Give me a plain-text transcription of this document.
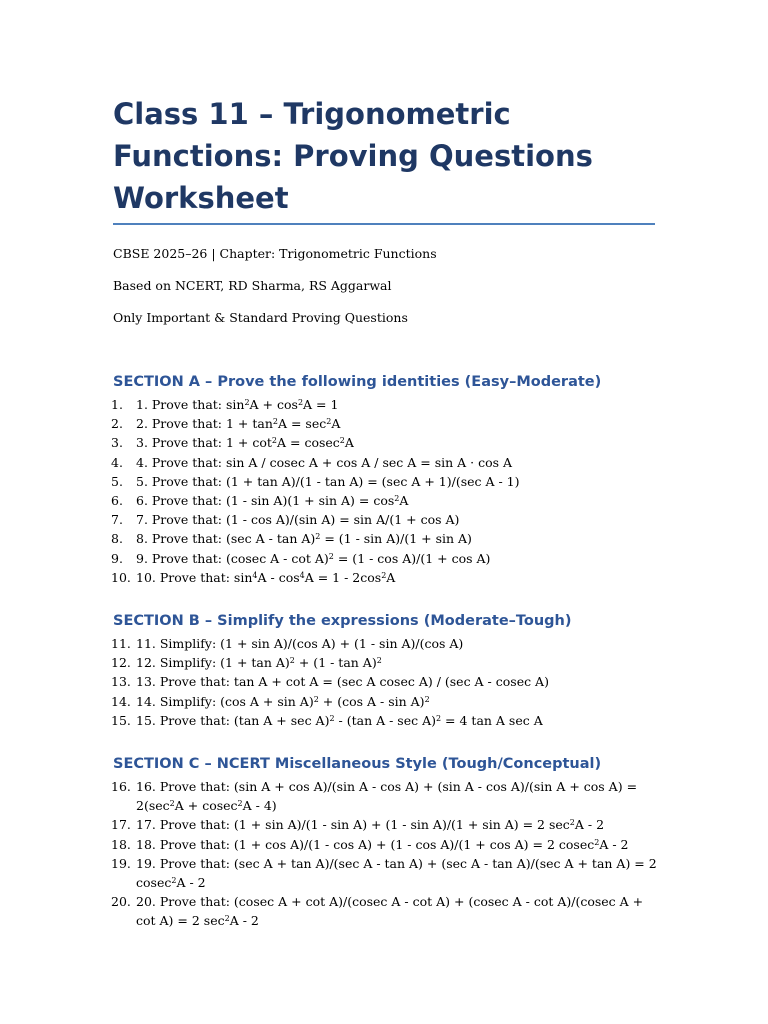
Class 11 – Trigonometric Functions: Proving Questions Worksheet

CBSE 2025–26 | Chapter: Trigonometric Functions

Based on NCERT, RD Sharma, RS Aggarwal

Only Important & Standard Proving Questions

SECTION A – Prove the following identities (Easy–Moderate)
1. 1. Prove that: $\sin^2A + \cos^2A = 1$
2. 2. Prove that: $1 + \tan^2A = \sec^2A$
3. 3. Prove that: $1 + \cot^2A = cosec^2A$
4. 4. Prove that: sin A / cosec A + cos A / sec A = sin A · cos A
5. 5. Prove that: (1 + tan A)/(1 - tan A) = (sec A + 1)/(sec A - 1)
6. 6. Prove that: $(1 - \sin A)(1 + \sin A) = \cos^2A$
7. 7. Prove that: (1 - cos A)/(sin A) = sin A/(1 + cos A)
8. 8. Prove that: (sec A - tan A)$^2$ = (1 - sin A)/(1 + sin A)
9. 9. Prove that: (cosec A - cot A)$^2$ = (1 - cos A)/(1 + cos A)
10. 10. Prove that: $\sin^4A - \cos^4A = 1 - 2\cos^2A$
SECTION B – Simplify the expressions (Moderate–Tough)
11. 11. Simplify: (1 + sin A)/(cos A) + (1 - sin A)/(cos A)
12. 12. Simplify: $(1 + \tan A)^2 + (1 - \tan A)^2$
13. 13. Prove that: tan A + cot A = (sec A cosec A) / (sec A - cosec A)
14. 14. Simplify: (cos A + sin A)$^2$ + (cos A - sin A)$^2$
15. 15. Prove that: (tan A + sec A)$^2$ - (tan A - sec A)$^2$ = 4 tan A sec A
SECTION C – NCERT Miscellaneous Style (Tough/Conceptual)
16. 16. Prove that: (sin A + cos A)/(sin A - cos A) + (sin A - cos A)/(sin $A + \cos A) = 2(\sec^2A + cosec^2A - 4)$
17. 17. Prove that: (1 + sin A)/(1 - sin A) + (1 - sin A)/(1 + sin A) = 2 $\sec^2A - 2$
18. 18. Prove that: (1 + cos A)/(1 - cos A) + (1 - cos A)/(1 + cos A) = 2 cosec$^2$A - 2
19. 19. Prove that: (sec A + tan A)/(sec A - tan A) + (sec A - tan A)/(sec A + tan A) = 2 cosec$^2$A - 2
20. 20. Prove that: (cosec A + cot A)/(cosec A - cot A) + (cosec A - cot A)/(cosec A + cot A) = 2 $\sec^2A - 2$
